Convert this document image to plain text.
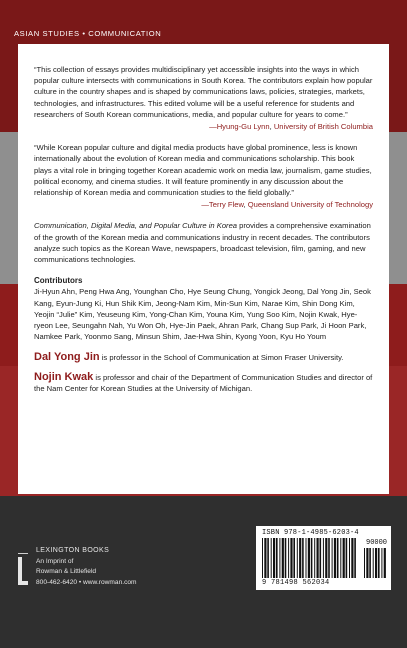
ASIAN STUDIES • COMMUNICATION

“This collection of essays provides multidisciplinary yet accessible insights into the ways in which popular culture intersects with communications in South Korea. The contributors explain how popular culture in the country shapes and is shaped by communications laws, policies, strategies, markets, technologies, and infrastructures. This edited volume will be a useful reference for students and researchers of South Korean communications, media, and popular culture for years to come.”

—Hyung-Gu Lynn, University of British Columbia

“While Korean popular culture and digital media products have global prominence, less is known internationally about the evolution of Korean media and communications scholarship. This book plays a vital role in bringing together Korean academic work on media law, journalism, game studies, political economy, and cinema studies. It will feature prominently in any discussion about the relationship of Korean media and communication studies to the field globally.”

—Terry Flew, Queensland University of Technology

Communication, Digital Media, and Popular Culture in Korea provides a comprehensive examination of the growth of the Korean media and communications industry in recent decades. The contributors analyze such topics as the Korean Wave, newspapers, broadcast television, film, gaming, and new communications technologies.

Contributors

Ji-Hyun Ahn, Peng Hwa Ang, Younghan Cho, Hye Seung Chung, Yongick Jeong, Dal Yong Jin, Seok Kang, Eyun-Jung Ki, Hun Shik Kim, Jeong-Nam Kim, Min-Sun Kim, Narae Kim, Shin Dong Kim, Yeojin “Julie” Kim, Yeuseung Kim, Yong-Chan Kim, Youna Kim, Yung Soo Kim, Nojin Kwak, Hye-ryeon Lee, Seungahn Nah, Yu Won Oh, Hye-Jin Paek, Ahran Park, Chang Sup Park, Ji Hoon Park, Namkee Park, Yoonmo Sang, Minsun Shim, Jae-Hwa Shin, Kyong Yoon, Kyu Ho Youm

Dal Yong Jin is professor in the School of Communication at Simon Fraser University.

Nojin Kwak is professor and chair of the Department of Communication Studies and director of the Nam Center for Korean Studies at the University of Michigan.

LEXINGTON BOOKS
An Imprint of
Rowman & Littlefield
800-462-6420 • www.rowman.com
ISBN 978-1-4985-6203-4
90000
9 781498 562034
